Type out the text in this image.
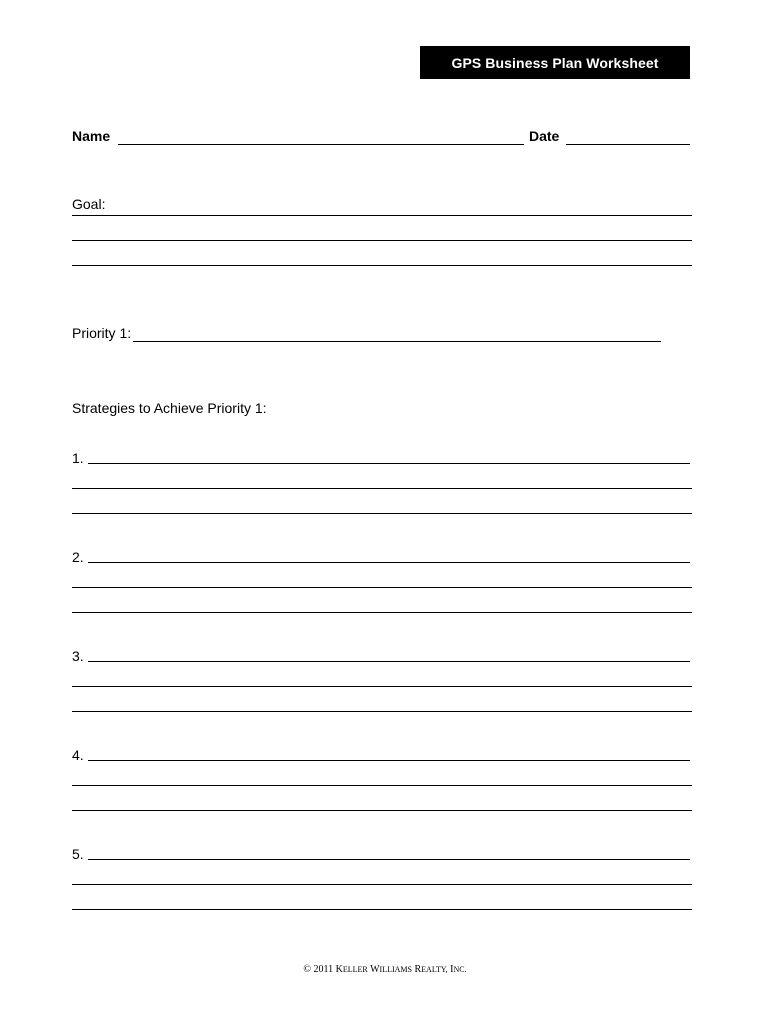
GPS Business Plan Worksheet
Name	Date
Goal:
Priority 1:
Strategies to Achieve Priority 1:
1.
2.
3.
4.
5.
© 2011 KELLER WILLIAMS REALTY, INC.
